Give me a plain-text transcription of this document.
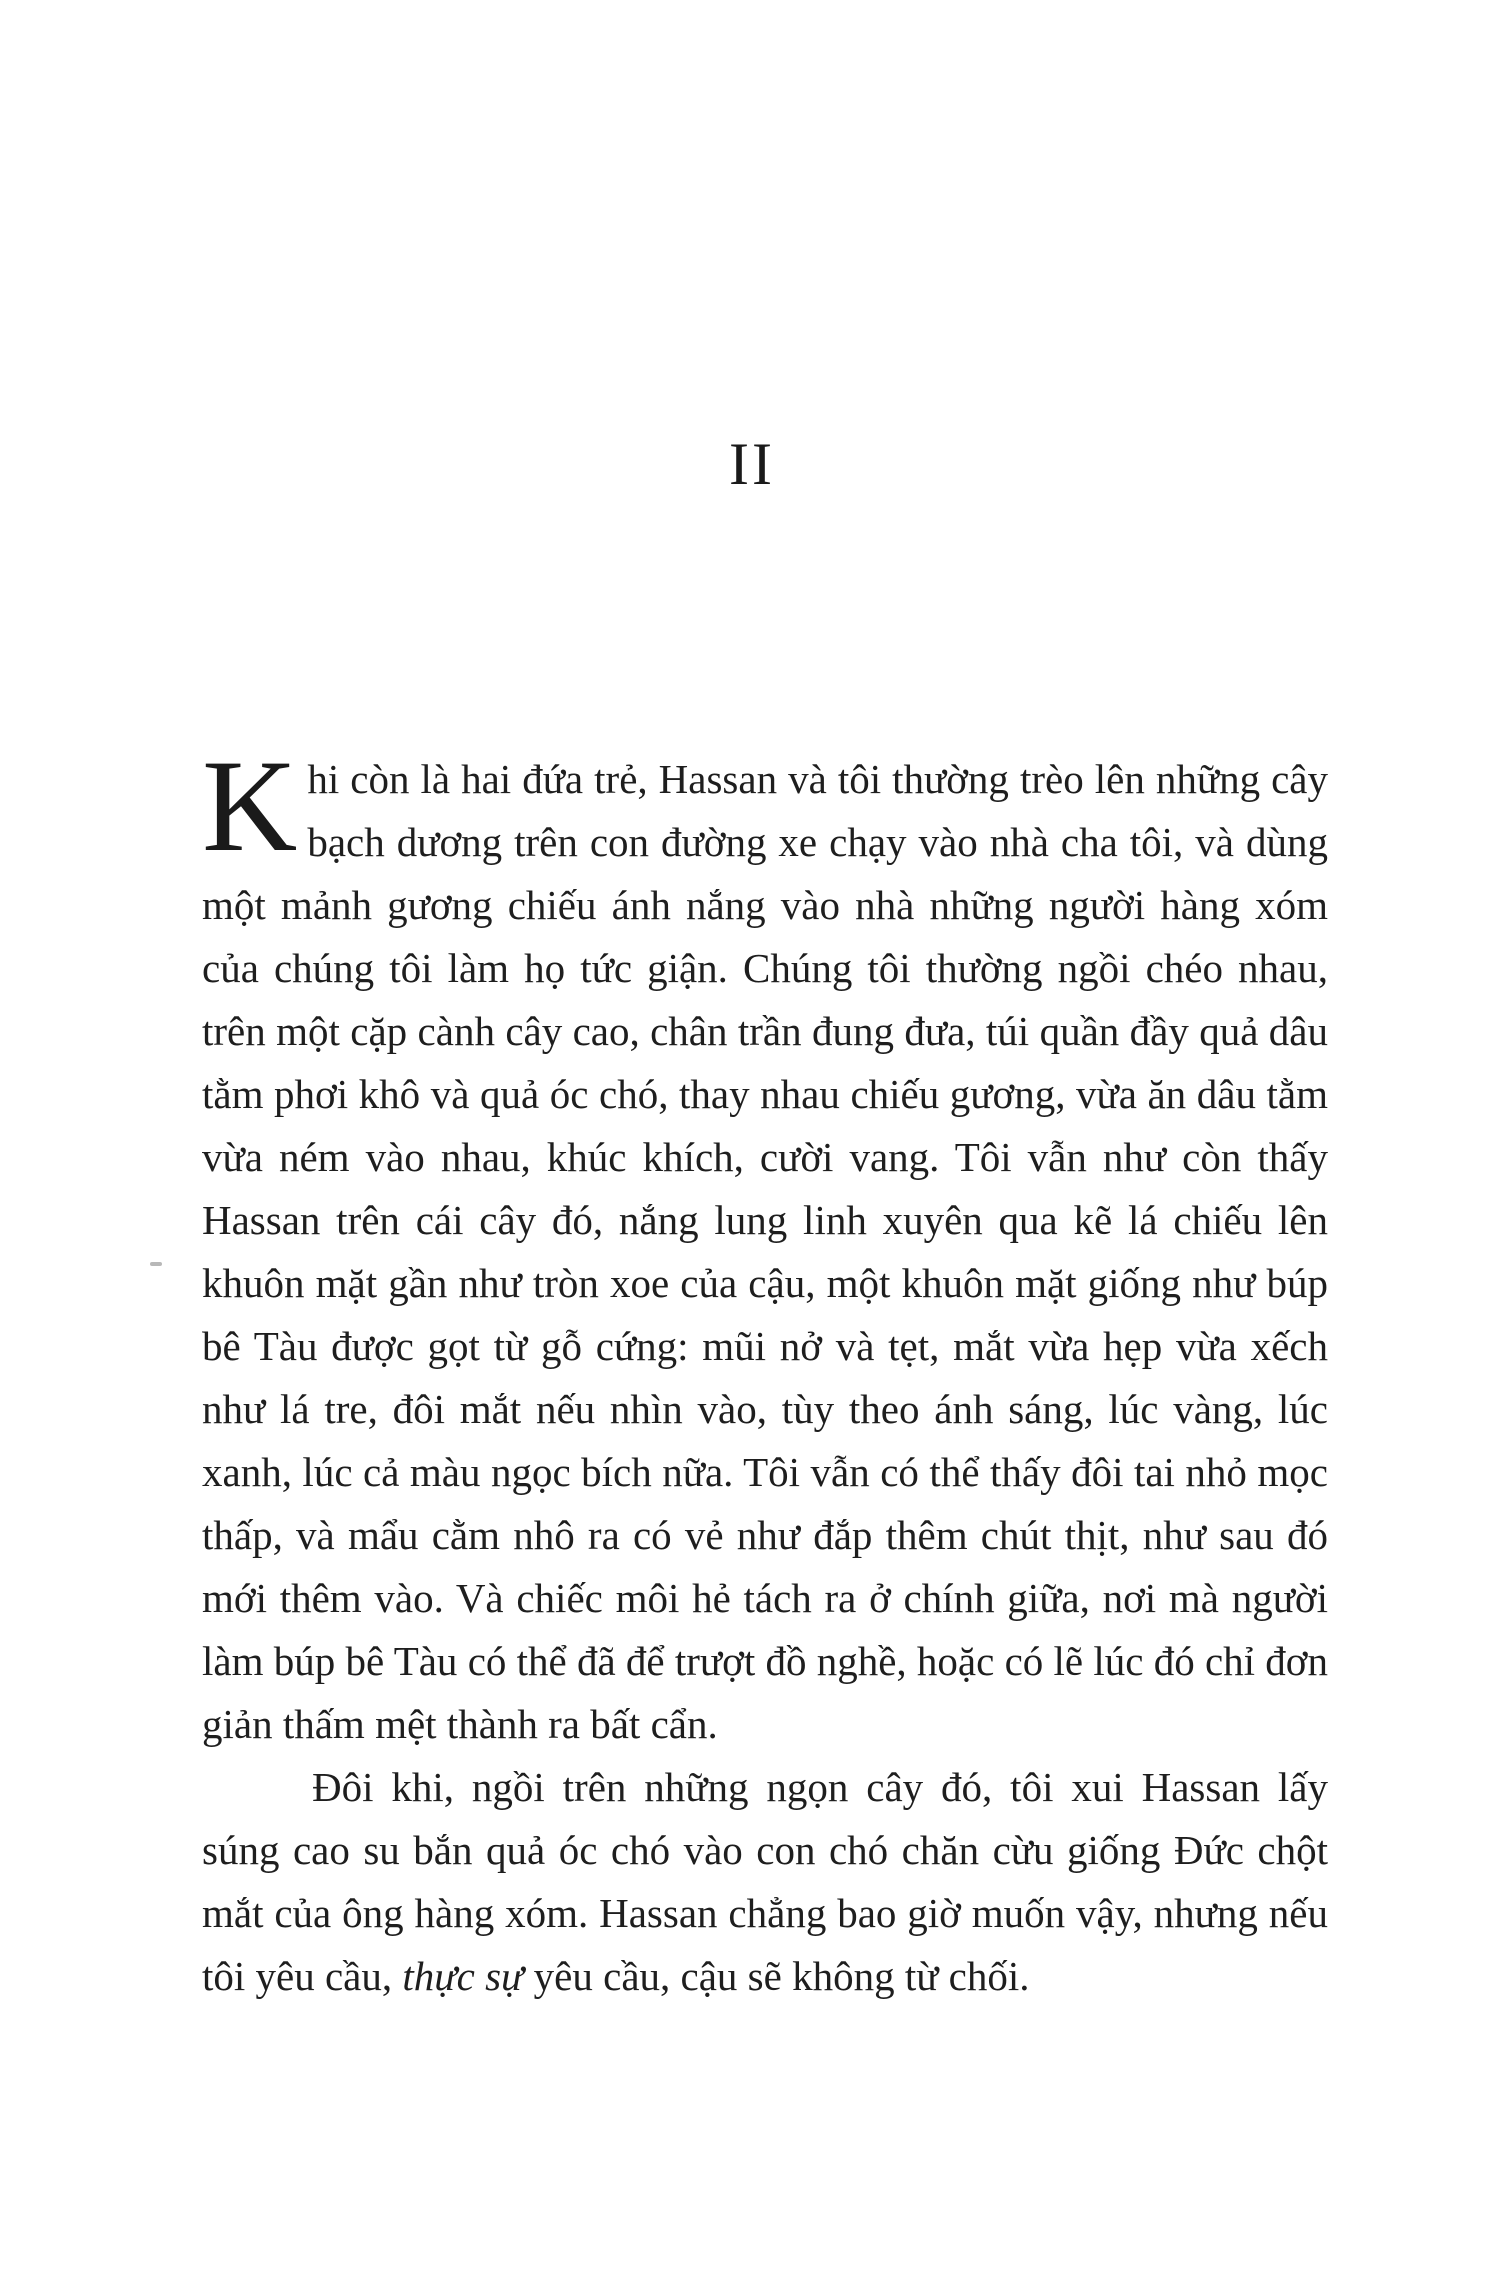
II

Khi còn là hai đứa trẻ, Hassan và tôi thường trèo lên những cây bạch dương trên con đường xe chạy vào nhà cha tôi, và dùng một mảnh gương chiếu ánh nắng vào nhà những người hàng xóm của chúng tôi làm họ tức giận. Chúng tôi thường ngồi chéo nhau, trên một cặp cành cây cao, chân trần đung đưa, túi quần đầy quả dâu tằm phơi khô và quả óc chó, thay nhau chiếu gương, vừa ăn dâu tằm vừa ném vào nhau, khúc khích, cười vang. Tôi vẫn như còn thấy Hassan trên cái cây đó, nắng lung linh xuyên qua kẽ lá chiếu lên khuôn mặt gần như tròn xoe của cậu, một khuôn mặt giống như búp bê Tàu được gọt từ gỗ cứng: mũi nở và tẹt, mắt vừa hẹp vừa xếch như lá tre, đôi mắt nếu nhìn vào, tùy theo ánh sáng, lúc vàng, lúc xanh, lúc cả màu ngọc bích nữa. Tôi vẫn có thể thấy đôi tai nhỏ mọc thấp, và mẩu cằm nhô ra có vẻ như đắp thêm chút thịt, như sau đó mới thêm vào. Và chiếc môi hẻ tách ra ở chính giữa, nơi mà người làm búp bê Tàu có thể đã để trượt đồ nghề, hoặc có lẽ lúc đó chỉ đơn giản thấm mệt thành ra bất cẩn.

Đôi khi, ngồi trên những ngọn cây đó, tôi xui Hassan lấy súng cao su bắn quả óc chó vào con chó chăn cừu giống Đức chột mắt của ông hàng xóm. Hassan chẳng bao giờ muốn vậy, nhưng nếu tôi yêu cầu, thực sự yêu cầu, cậu sẽ không từ chối.
